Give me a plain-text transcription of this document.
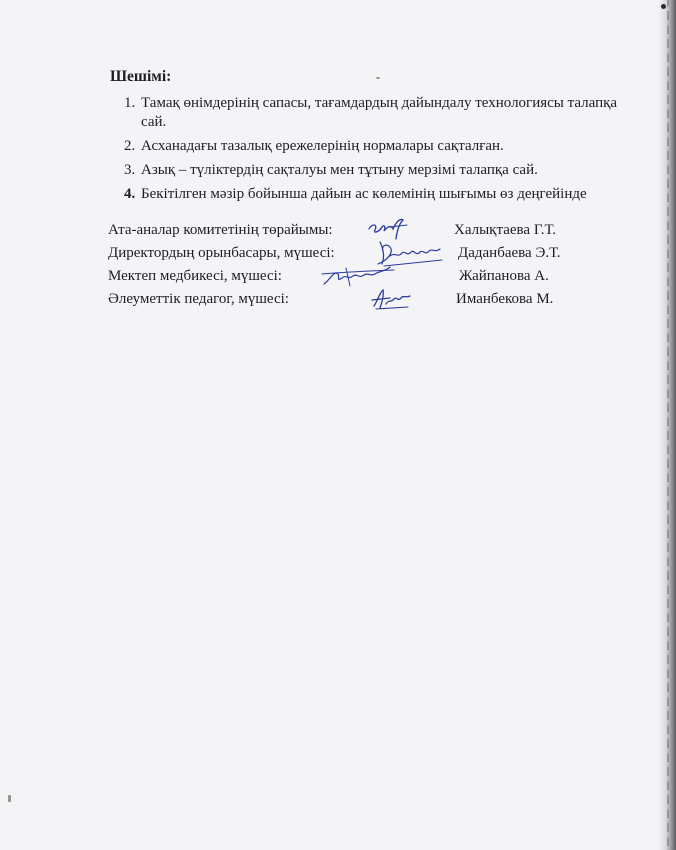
Шешімі:
1. Тамақ өнімдерінің сапасы, тағамдардың дайындалу технологиясы талапқа сай.
2. Асханадағы тазалық ережелерінің нормалары сақталған.
3. Азық – түліктердің сақталуы мен тұтыну мерзімі талапқа сай.
4. Бекітілген мәзір бойынша дайын ас көлемінің шығымы өз деңгейінде
Ата-аналар комитетінің төрайымы:	Халықтаева Г.Т.
Директордың орынбасары, мүшесі:	Даданбаева Э.Т.
Мектеп медбикесі, мүшесі:	Жайпанова А.
Әлеуметтік педагог, мүшесі:	Иманбекова М.
